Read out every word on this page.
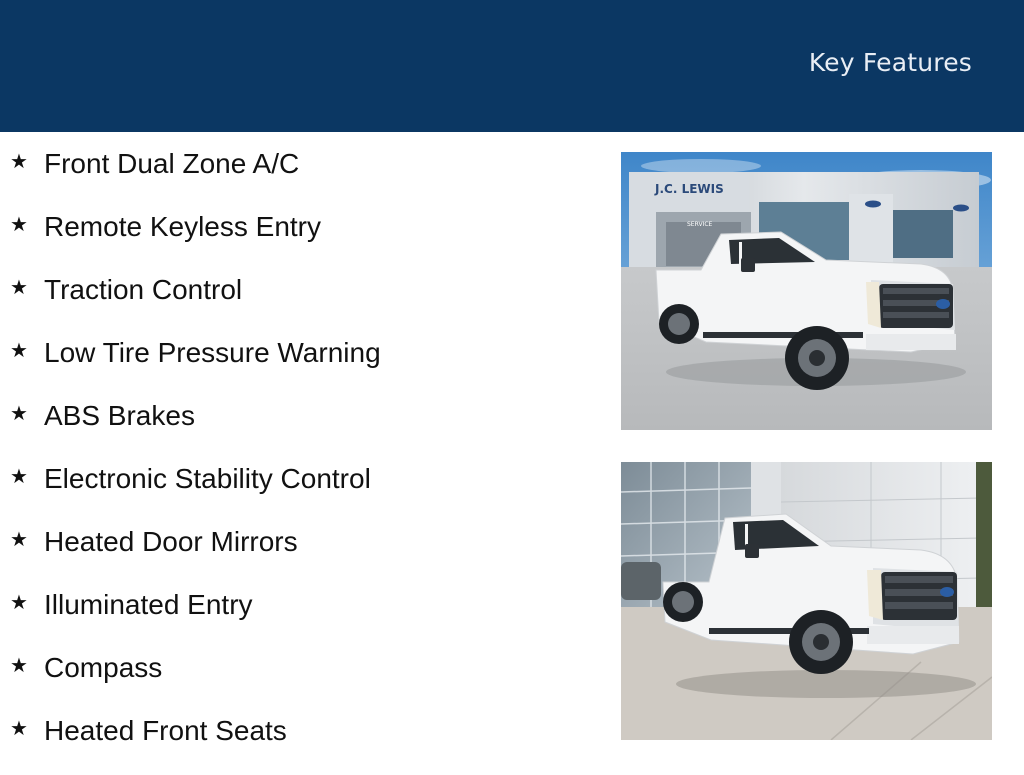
Key Features
★ Front Dual Zone A/C
★ Remote Keyless Entry
★ Traction Control
★ Low Tire Pressure Warning
★ ABS Brakes
★ Electronic Stability Control
★ Heated Door Mirrors
★ Illuminated Entry
★ Compass
★ Heated Front Seats
J.C. LEWIS
SERVICE
